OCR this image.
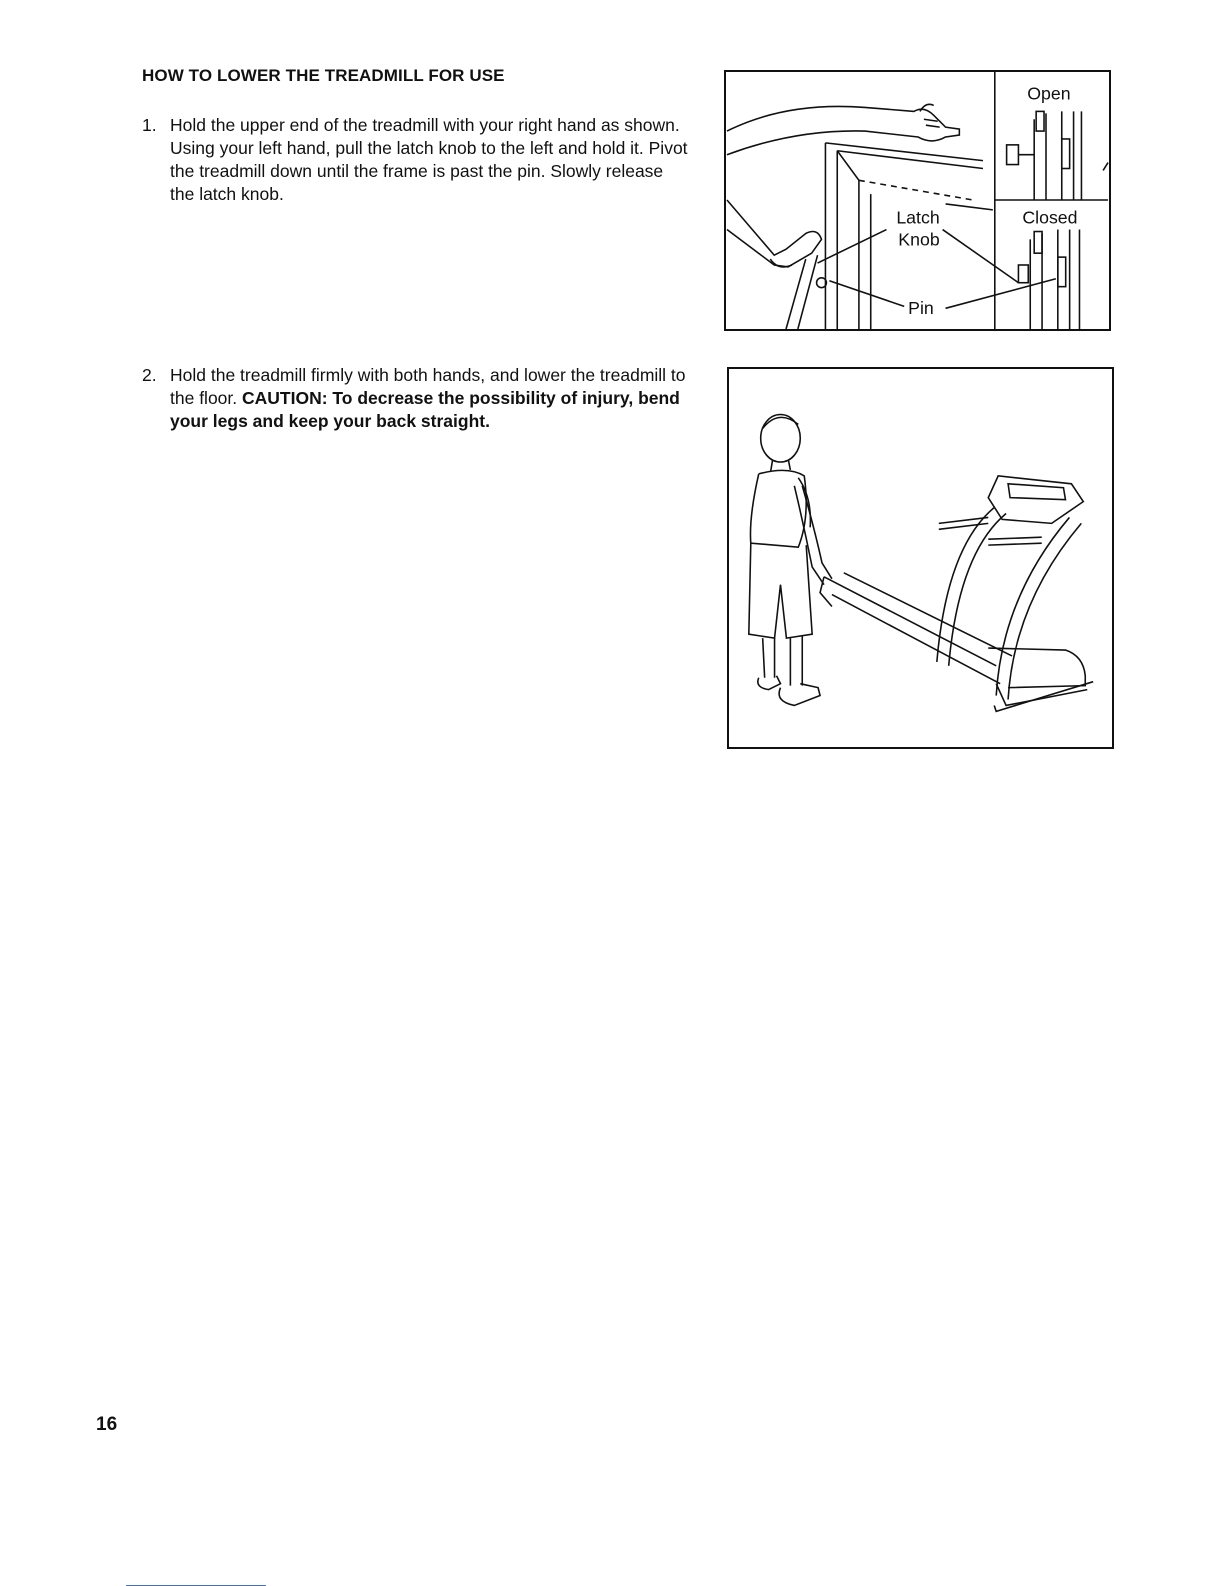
HOW TO LOWER THE TREADMILL FOR USE
1. Hold the upper end of the treadmill with your right hand as shown. Using your left hand, pull the latch knob to the left and hold it. Pivot the treadmill down until the frame is past the pin. Slowly release the latch knob.
2. Hold the treadmill firmly with both hands, and lower the treadmill to the floor. CAUTION: To decrease the possibility of injury, bend your legs and keep your back straight.
Open
Closed
Latch
Knob
Pin
16
